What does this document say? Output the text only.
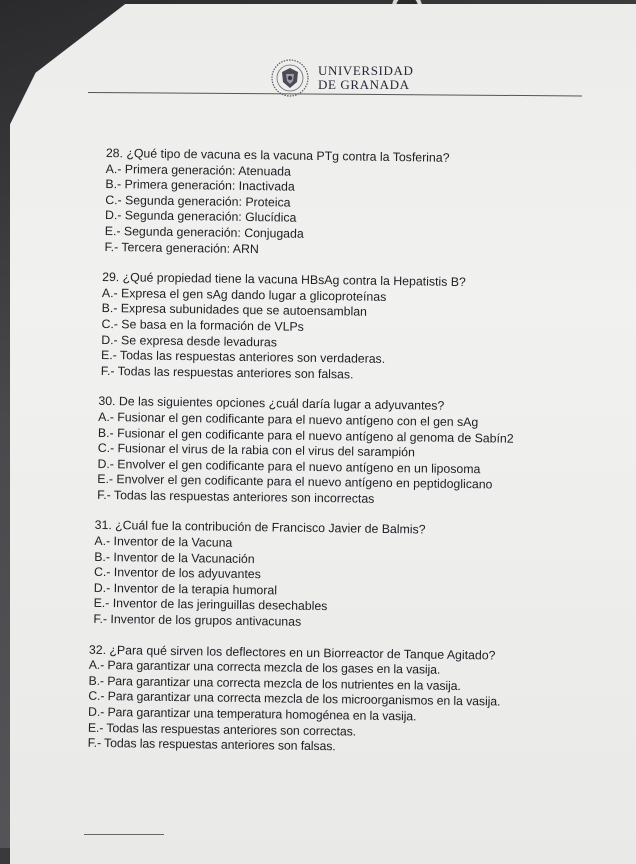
UNIVERSIDAD
DE GRANADA
28. ¿Qué tipo de vacuna es la vacuna PTg contra la Tosferina?
A.- Primera generación: Atenuada
B.- Primera generación: Inactivada
C.- Segunda generación: Proteica
D.- Segunda generación: Glucídica
E.- Segunda generación: Conjugada
F.- Tercera generación: ARN
29. ¿Qué propiedad tiene la vacuna HBsAg contra la Hepatistis B?
A.- Expresa el gen sAg dando lugar a glicoproteínas
B.- Expresa subunidades que se autoensamblan
C.- Se basa en la formación de VLPs
D.- Se expresa desde levaduras
E.- Todas las respuestas anteriores son verdaderas.
F.- Todas las respuestas anteriores son falsas.
30. De las siguientes opciones ¿cuál daría lugar a adyuvantes?
A.- Fusionar el gen codificante para el nuevo antígeno con el gen sAg
B.- Fusionar el gen codificante para el nuevo antígeno al genoma de Sabín2
C.- Fusionar el virus de la rabia con el virus del sarampión
D.- Envolver el gen codificante para el nuevo antígeno en un liposoma
E.- Envolver el gen codificante para el nuevo antígeno en peptidoglicano
F.- Todas las respuestas anteriores son incorrectas
31. ¿Cuál fue la contribución de Francisco Javier de Balmis?
A.- Inventor de la Vacuna
B.- Inventor de la Vacunación
C.- Inventor de los adyuvantes
D.- Inventor de la terapia humoral
E.- Inventor de las jeringuillas desechables
F.- Inventor de los grupos antivacunas
32. ¿Para qué sirven los deflectores en un Biorreactor de Tanque Agitado?
A.- Para garantizar una correcta mezcla de los gases en la vasija.
B.- Para garantizar una correcta mezcla de los nutrientes en la vasija.
C.- Para garantizar una correcta mezcla de los microorganismos en la vasija.
D.- Para garantizar una temperatura homogénea en la vasija.
E.- Todas las respuestas anteriores son correctas.
F.- Todas las respuestas anteriores son falsas.
